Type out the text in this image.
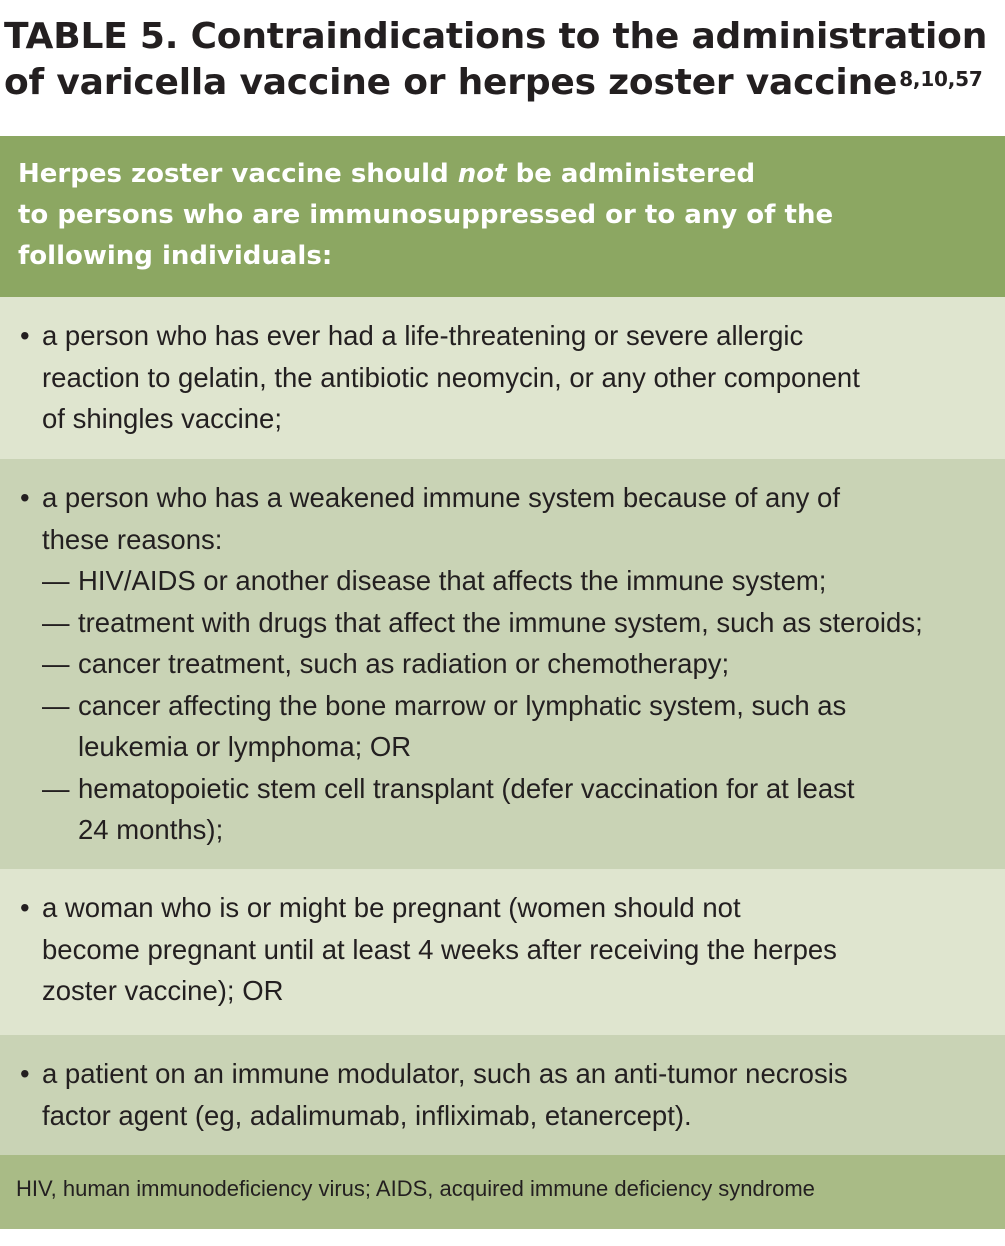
TABLE 5. Contraindications to the administration
of varicella vaccine or herpes zoster vaccine $^{8,10,57}$
Herpes zoster vaccine should not be administered
to persons who are immunosuppressed or to any of the
following individuals:
• a person who has ever had a life-threatening or severe allergic
reaction to gelatin, the antibiotic neomycin, or any other component
of shingles vaccine;
• a person who has a weakened immune system because of any of
these reasons:
— HIV/AIDS or another disease that affects the immune system;
— treatment with drugs that affect the immune system, such as steroids;
— cancer treatment, such as radiation or chemotherapy;
— cancer affecting the bone marrow or lymphatic system, such as
leukemia or lymphoma; OR
— hematopoietic stem cell transplant (defer vaccination for at least
24 months);
• a woman who is or might be pregnant (women should not
become pregnant until at least 4 weeks after receiving the herpes
zoster vaccine); OR
• a patient on an immune modulator, such as an anti-tumor necrosis
factor agent (eg, adalimumab, infliximab, etanercept).
HIV, human immunodeficiency virus; AIDS, acquired immune deficiency syndrome
